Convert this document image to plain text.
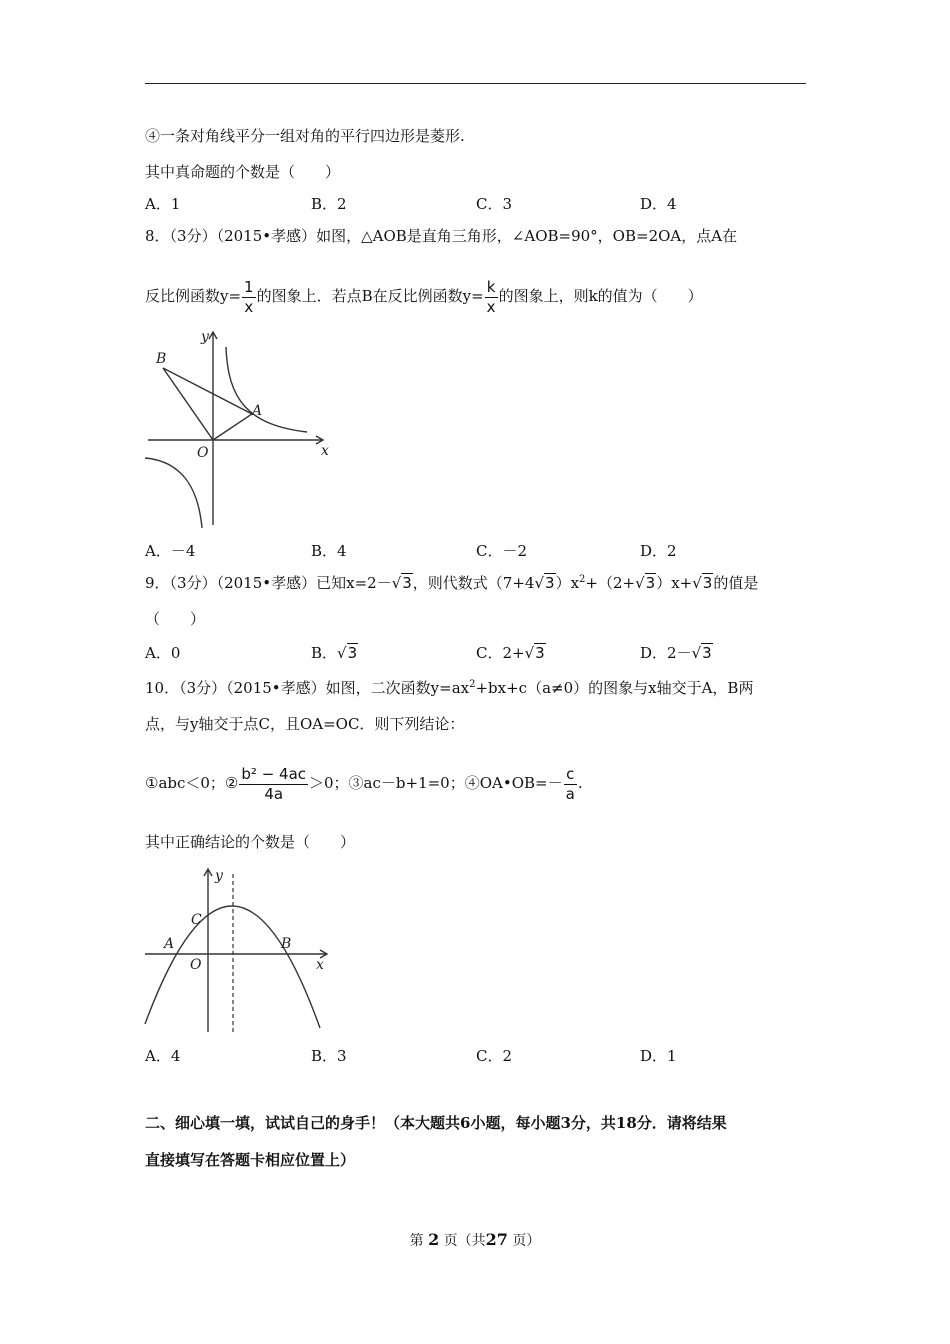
④一条对角线平分一组对角的平行四边形是菱形.
其中真命题的个数是（　　）
A．1	B．2	C．3	D．4
8．（3分）（2015•孝感）如图，△AOB是直角三角形，∠AOB=90°，OB=2OA，点A在
反比例函数$y= \frac{1}{x}$ 的图象上．若点B在反比例函数$y= \frac{k}{x}$ 的图象上，则k的值为（　　）
B
A
O	x
y
A．－4	B．4	C．－2	D．2
9．（3分）（2015•孝感）已知x=2－√3，则代数式$(7+4√3)x^2+(2+√3)x+√3$的值是
（　　）
A．0	B．√3	C．2+√3	D．2－√3
10．（3分）（2015•孝感）如图，二次函数$y=ax^2+bx+c(a\ne 0)$的图象与x轴交于A，B两
点，与y轴交于点C，且OA=OC．则下列结论：
①abc＜0；② $\frac{\text{b² − 4ac}}{4a} >0$；③ac－b+1=0；④OA•OB=－ $\frac{c}{a}$ .
其中正确结论的个数是（　　）
C
A	B
O	x
y
A．4	B．3	C．2	D．1
二、细心填一填，试试自己的身手！（本大题共6小题，每小题3分，共18分．请将结果
直接填写在答题卡相应位置上）
第 2 页（共27 页）
